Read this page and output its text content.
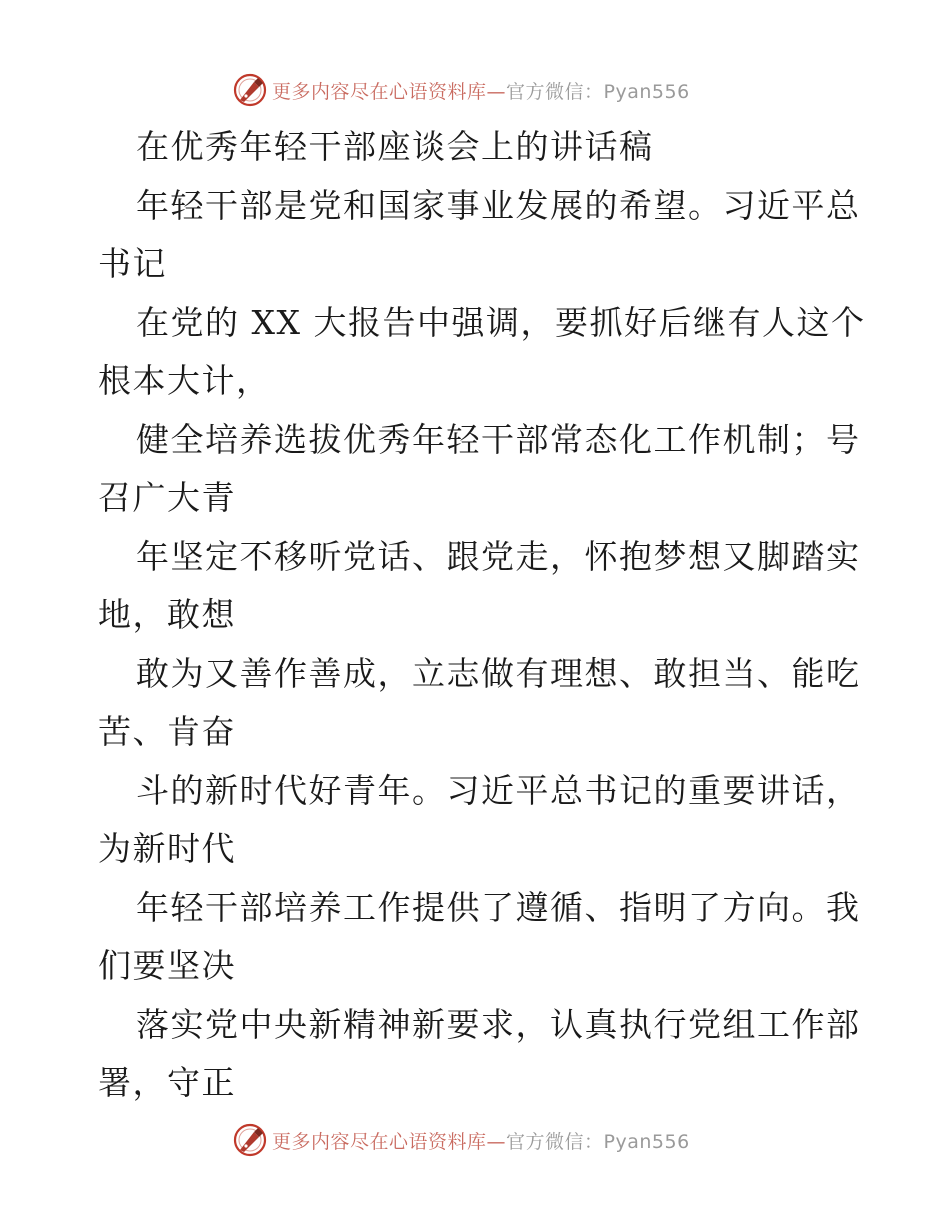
更多内容尽在心语资料库—官方微信：Pyan556
在优秀年轻干部座谈会上的讲话稿
年轻干部是党和国家事业发展的希望。习近平总
书记
在党的 XX 大报告中强调，要抓好后继有人这个
根本大计，
健全培养选拔优秀年轻干部常态化工作机制；号
召广大青
年坚定不移听党话、跟党走，怀抱梦想又脚踏实
地，敢想
敢为又善作善成，立志做有理想、敢担当、能吃
苦、肯奋
斗的新时代好青年。习近平总书记的重要讲话，
为新时代
年轻干部培养工作提供了遵循、指明了方向。我
们要坚决
落实党中央新精神新要求，认真执行党组工作部
署，守正
更多内容尽在心语资料库—官方微信：Pyan556
